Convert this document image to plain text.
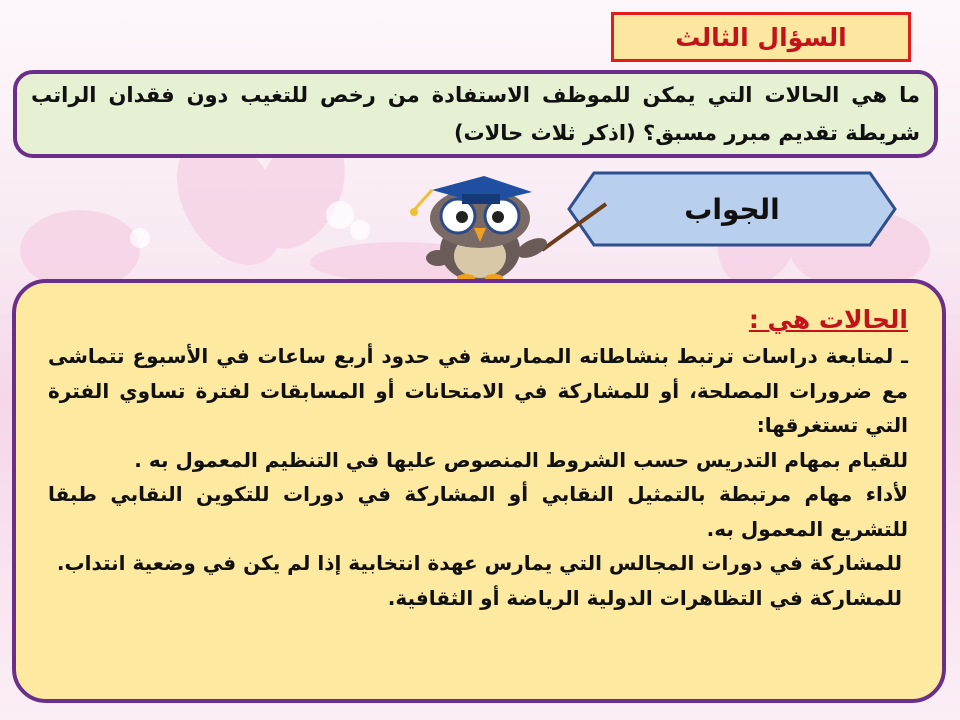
السؤال الثالث
ما هي الحالات التي يمكن للموظف الاستفادة من رخص للتغيب دون فقدان الراتب شريطة تقديم مبرر مسبق؟ (اذكر ثلاث حالات)
الجواب
الحالات هي :
ـ لمتابعة دراسات ترتبط بنشاطاته الممارسة في حدود أربع ساعات في الأسبوع تتماشى مع ضرورات المصلحة، أو للمشاركة في الامتحانات أو المسابقات لفترة تساوي الفترة التي تستغرقها:
للقيام بمهام التدريس حسب الشروط المنصوص عليها في التنظيم المعمول به .
لأداء مهام مرتبطة بالتمثيل النقابي أو المشاركة في دورات للتكوين النقابي طبقا للتشريع المعمول به.
للمشاركة في دورات المجالس التي يمارس عهدة انتخابية إذا لم يكن في وضعية انتداب.
للمشاركة في التظاهرات الدولية الرياضة أو الثقافية.
